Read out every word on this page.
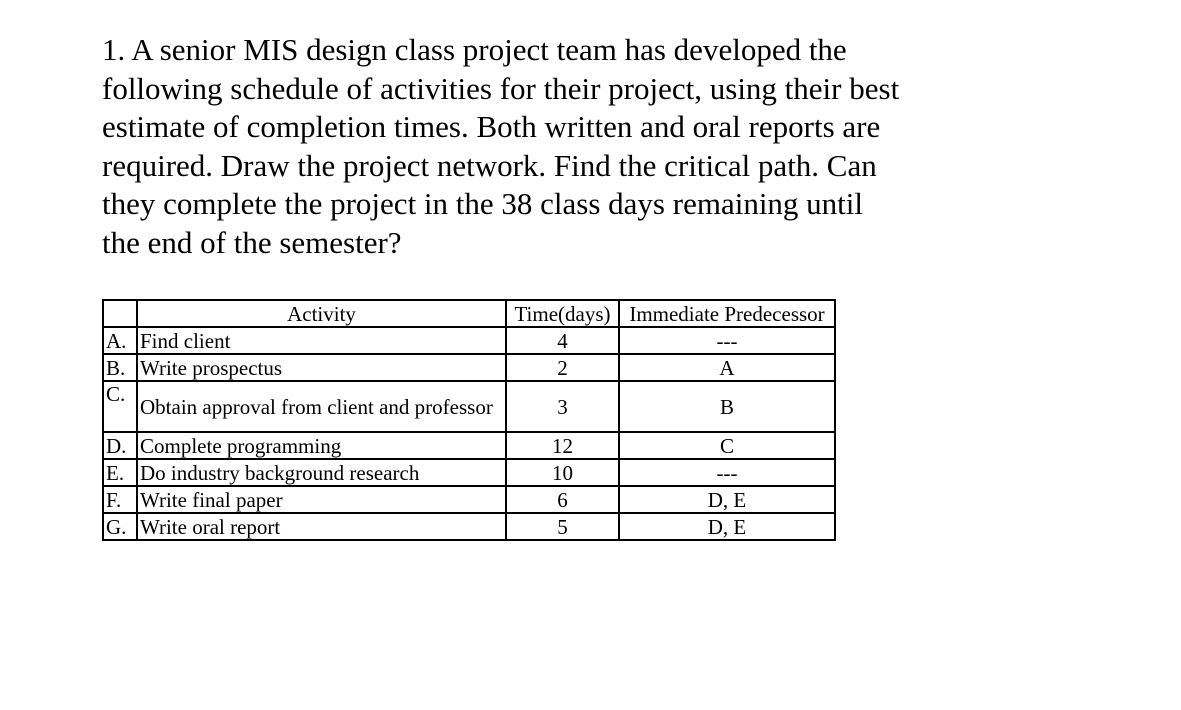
1. A senior MIS design class project team has developed the
following schedule of activities for their project, using their best
estimate of completion times. Both written and oral reports are
required. Draw the project network. Find the critical path. Can
they complete the project in the 38 class days remaining until
the end of the semester?
	Activity	Time(days)	Immediate Predecessor
A.	Find client	4	---
B.	Write prospectus	2	A
C.	Obtain approval from client and professor	3	B
D.	Complete programming	12	C
E.	Do industry background research	10	---
F.	Write final paper	6	D, E
G.	Write oral report	5	D, E
